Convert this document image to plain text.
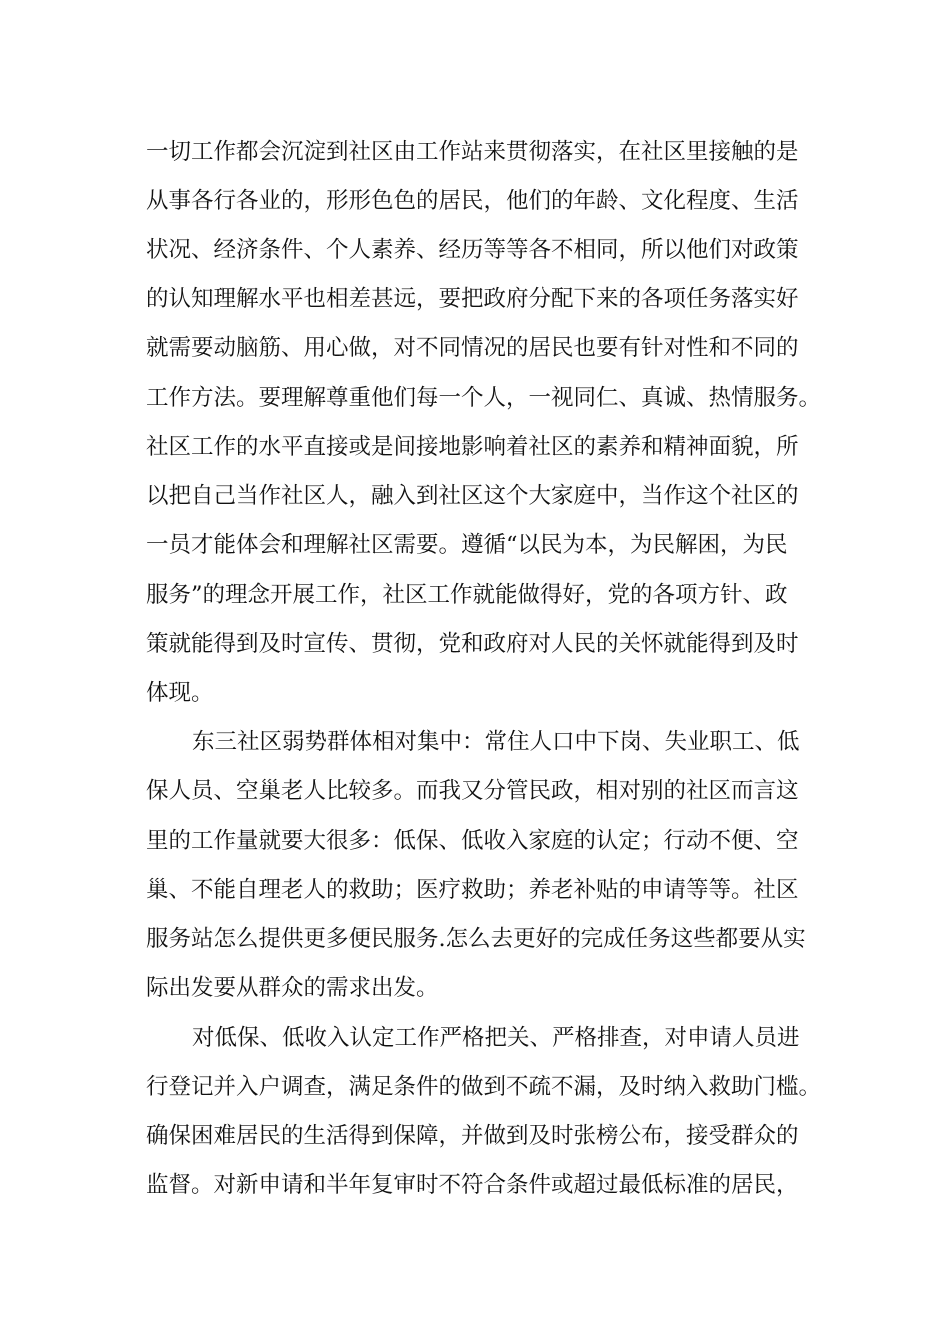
一切工作都会沉淀到社区由工作站来贯彻落实，在社区里接触的是
从事各行各业的，形形色色的居民，他们的年龄、文化程度、生活
状况、经济条件、个人素养、经历等等各不相同，所以他们对政策
的认知理解水平也相差甚远，要把政府分配下来的各项任务落实好
就需要动脑筋、用心做，对不同情况的居民也要有针对性和不同的
工作方法。要理解尊重他们每一个人，一视同仁、真诚、热情服务。
社区工作的水平直接或是间接地影响着社区的素养和精神面貌，所
以把自己当作社区人，融入到社区这个大家庭中，当作这个社区的
一员才能体会和理解社区需要。遵循“以民为本，为民解困，为民
服务”的理念开展工作，社区工作就能做得好，党的各项方针、政
策就能得到及时宣传、贯彻，党和政府对人民的关怀就能得到及时
体现。
东三社区弱势群体相对集中：常住人口中下岗、失业职工、低
保人员、空巢老人比较多。而我又分管民政，相对别的社区而言这
里的工作量就要大很多：低保、低收入家庭的认定；行动不便、空
巢、不能自理老人的救助；医疗救助；养老补贴的申请等等。社区
服务站怎么提供更多便民服务.怎么去更好的完成任务这些都要从实
际出发要从群众的需求出发。
对低保、低收入认定工作严格把关、严格排查，对申请人员进
行登记并入户调查，满足条件的做到不疏不漏，及时纳入救助门槛。
确保困难居民的生活得到保障，并做到及时张榜公布，接受群众的
监督。对新申请和半年复审时不符合条件或超过最低标准的居民，
